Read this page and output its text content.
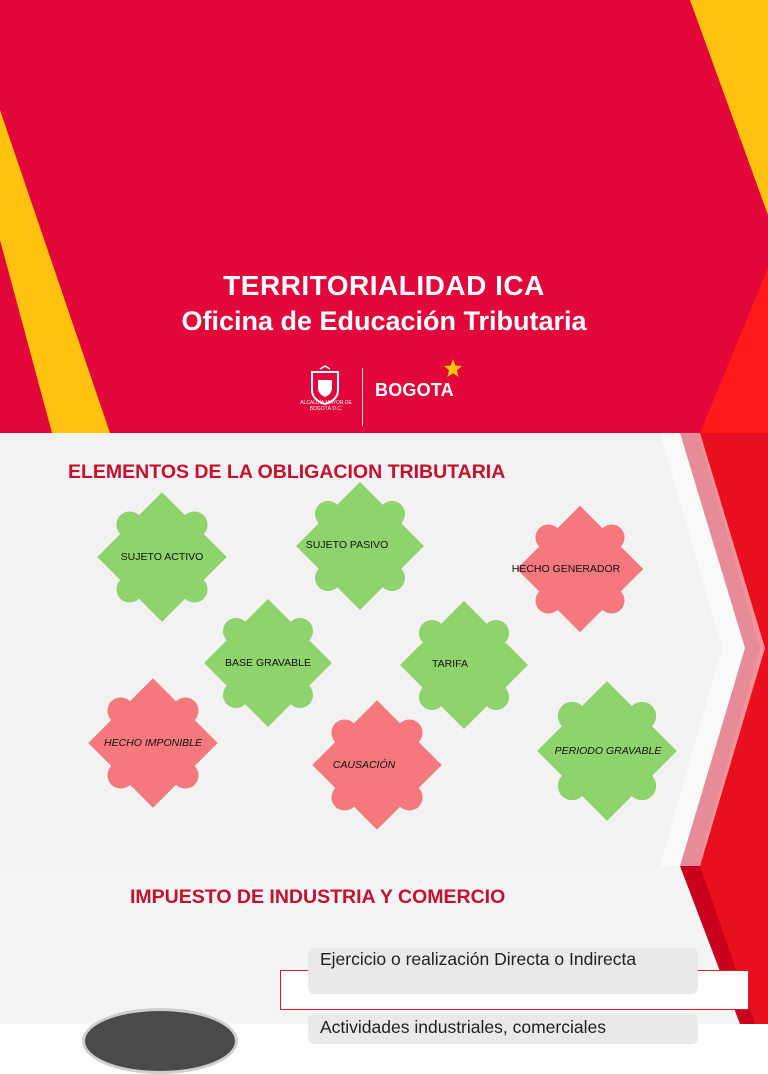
TERRITORIALIDAD ICA
Oficina de Educación Tributaria
ALCALDÍA MAYOR DE BOGOTÁ D.C.
BOGOTA
ELEMENTOS DE LA OBLIGACION TRIBUTARIA
SUJETO ACTIVO
SUJETO PASIVO
HECHO GENERADOR
BASE GRAVABLE	TARIFA
HECHO IMPONIBLE
CAUSACIÓN
PERIODO GRAVABLE
IMPUESTO DE INDUSTRIA Y COMERCIO
Ejercicio o realización Directa o Indirecta
Actividades industriales, comerciales
